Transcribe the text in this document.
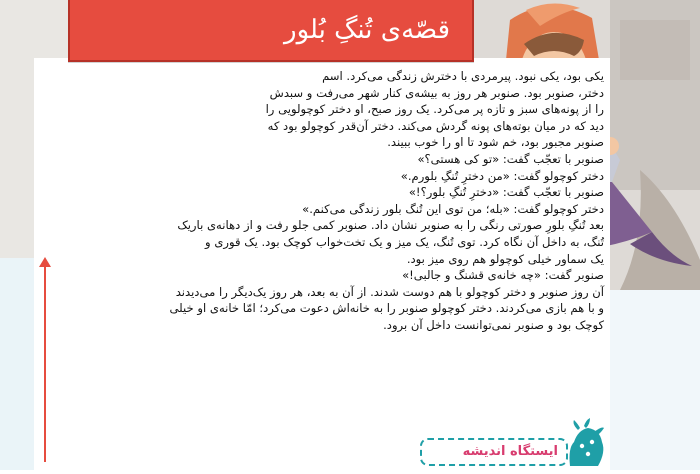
قصّه‌ی تُنگِ بُلور

یکی بود، یکی نبود. پیرمردی با دخترش زندگی می‌کرد. اسم
دختر، صنوبر بود. صنوبر هر روز به بیشه‌ی کنار شهر می‌رفت و سبدش
را از پونه‌های سبز و تازه پر می‌کرد. یک روز صبح، او دختر کوچولویی را
دید که در میان بوته‌های پونه گردش می‌کند. دختر آن‌قدر کوچولو بود که
صنوبر مجبور بود، خم شود تا او را خوب ببیند.
صنوبر با تعجّب گفت: «تو کی هستی؟»
دختر کوچولو گفت: «من دخترِ تُنگِ بلورم.»
صنوبر با تعجّب گفت: «دخترِ تُنگِ بلور؟!»
دختر کوچولو گفت: «بله؛ من توی این تُنگ بلور زندگی می‌کنم.»
بعد تُنگِ بلورِ صورتی رنگی را به صنوبر نشان داد. صنوبر کمی جلو رفت و از دهانه‌ی باریک
تُنگ، به داخل آن نگاه کرد. توی تُنگ، یک میز و یک تخت‌خواب کوچک بود. یک قوری و
یک سماور خیلی کوچولو هم روی میز بود.
صنوبر گفت: «چه خانه‌ی قشنگ و جالبی!»
آن روز صنوبر و دختر کوچولو با هم دوست شدند. از آن به بعد، هر روز یک‌دیگر را می‌دیدند
و با هم بازی می‌کردند. دختر کوچولو صنوبر را به خانه‌اش دعوت می‌کرد؛ امّا خانه‌ی او خیلی
کوچک بود و صنوبر نمی‌توانست داخل آن برود.

ایستگاه اندیشه
